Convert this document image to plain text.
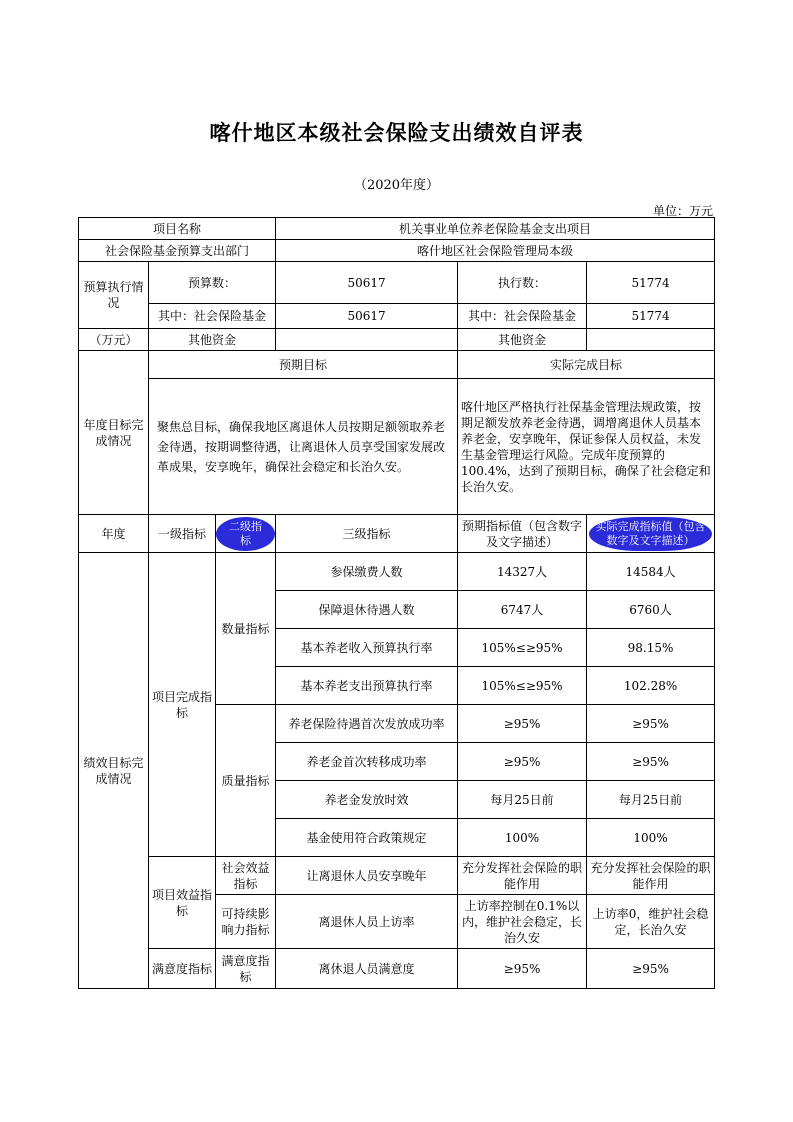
喀什地区本级社会保险支出绩效自评表
（2020年度）
单位：万元
项目名称			机关事业单位养老保险基金支出项目		
社会保险基金预算支出部门			喀什地区社会保险管理局本级		
预算执行情况	预算数：		50617	执行数：	51774
	其中：社会保险基金		50617	其中：社会保险基金	51774
（万元）	其他资金			其他资金	
年度目标完成情况	预期目标			实际完成目标	
	聚焦总目标，确保我地区离退休人员按期足额领取养老金待遇，按期调整待遇，让离退休人员享受国家发展改革成果，安享晚年，确保社会稳定和长治久安。			喀什地区严格执行社保基金管理法规政策，按期足额发放养老金待遇，调增离退休人员基本养老金，安享晚年，保证参保人员权益，未发生基金管理运行风险。完成年度预算的100.4%，达到了预期目标，确保了社会稳定和长治久安。	
年度	一级指标	二级指标	三级指标	预期指标值（包含数字及文字描述）	实际完成指标值（包含数字及文字描述）
绩效目标完成情况	项目完成指标	数量指标	参保缴费人数	14327人	14584人
			保障退休待遇人数	6747人	6760人
			基本养老收入预算执行率	105%≤≥95%	98.15%
			基本养老支出预算执行率	105%≤≥95%	102.28%
		质量指标	养老保险待遇首次发放成功率	≥95%	≥95%
			养老金首次转移成功率	≥95%	≥95%
			养老金发放时效	每月25日前	每月25日前
			基金使用符合政策规定	100%	100%
	项目效益指标	社会效益指标	让离退休人员安享晚年	充分发挥社会保险的职能作用	充分发挥社会保险的职能作用
		可持续影响力指标	离退休人员上访率	上访率控制在0.1%以内，维护社会稳定，长治久安	上访率0，维护社会稳定，长治久安
	满意度指标	满意度指标	离休退人员满意度	≥95%	≥95%
